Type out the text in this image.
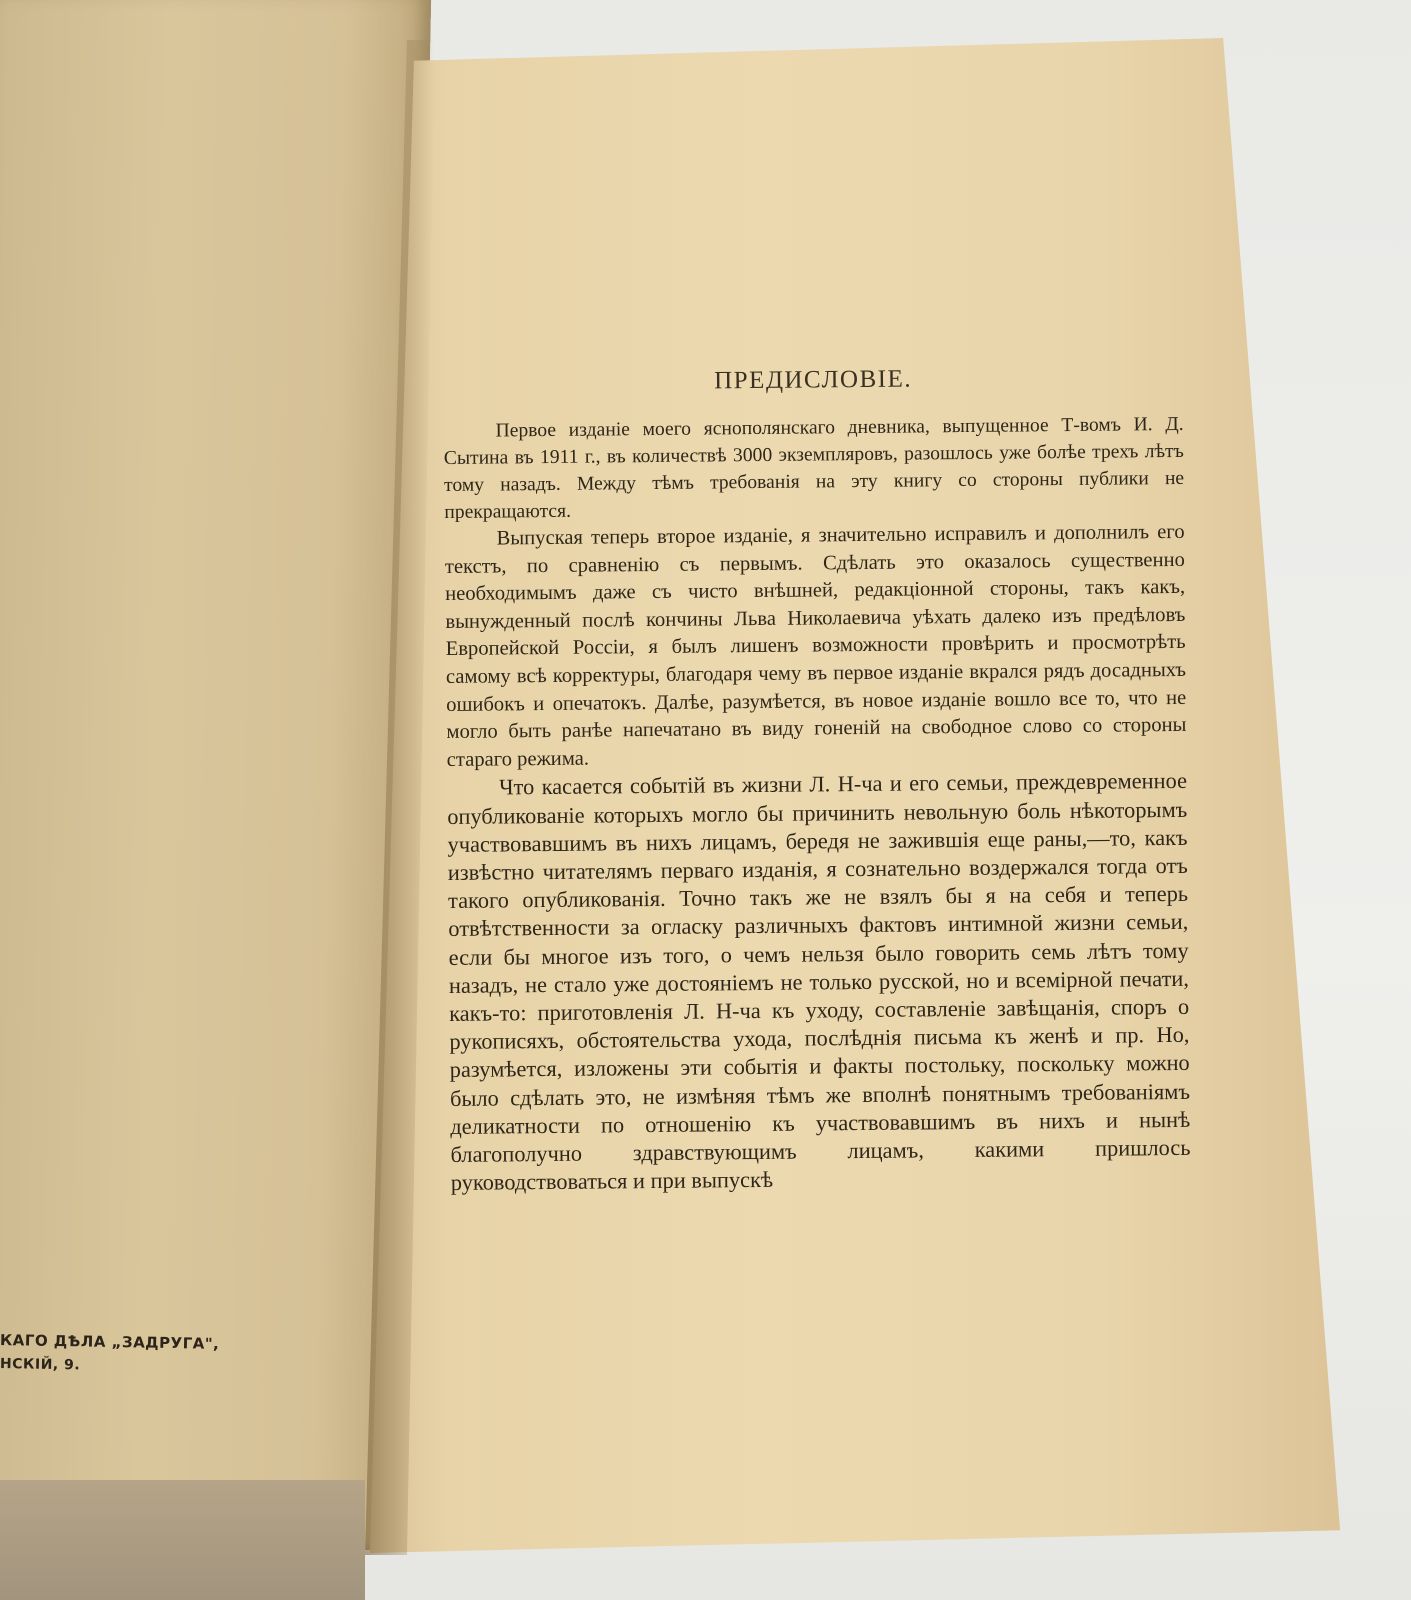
КАГО ДѢЛА „ЗАДРУГА",
НСКІЙ, 9.
ПРЕДИСЛОВІЕ.

Первое изданіе моего яснополянскаго дневника, выпущенное Т-вомъ И. Д. Сытина въ 1911 г., въ количествѣ 3000 экземпляровъ, разошлось уже болѣе трехъ лѣтъ тому назадъ. Между тѣмъ требованія на эту книгу со стороны публики не прекращаются.

Выпуская теперь второе изданіе, я значительно исправилъ и дополнилъ его текстъ, по сравненію съ первымъ. Сдѣлать это оказалось существенно необходимымъ даже съ чисто внѣшней, редакціонной стороны, такъ какъ, вынужденный послѣ кончины Льва Николаевича уѣхать далеко изъ предѣловъ Европейской Россіи, я былъ лишенъ возможности провѣрить и просмотрѣть самому всѣ корректуры, благодаря чему въ первое изданіе вкрался рядъ досадныхъ ошибокъ и опечатокъ. Далѣе, разумѣется, въ новое изданіе вошло все то, что не могло быть ранѣе напечатано въ виду гоненій на свободное слово со стороны стараго режима.

Что касается событій въ жизни Л. Н-ча и его семьи, преждевременное опубликованіе которыхъ могло бы причинить невольную боль нѣкоторымъ участвовавшимъ въ нихъ лицамъ, бередя не зажившія еще раны,—то, какъ извѣстно читателямъ перваго изданія, я сознательно воздержался тогда отъ такого опубликованія. Точно такъ же не взялъ бы я на себя и теперь отвѣтственности за огласку различныхъ фактовъ интимной жизни семьи, если бы многое изъ того, о чемъ нельзя было говорить семь лѣтъ тому назадъ, не стало уже достояніемъ не только русской, но и всемірной печати, какъ-то: приготовленія Л. Н-ча къ уходу, составленіе завѣщанія, споръ о рукописяхъ, обстоятельства ухода, послѣднія письма къ женѣ и пр. Но, разумѣется, изложены эти событія и факты постольку, поскольку можно было сдѣлать это, не измѣняя тѣмъ же вполнѣ понятнымъ требованіямъ деликатности по отношенію къ участвовавшимъ въ нихъ и нынѣ благополучно здравствующимъ лицамъ, какими пришлось руководствоваться и при выпускѣ
